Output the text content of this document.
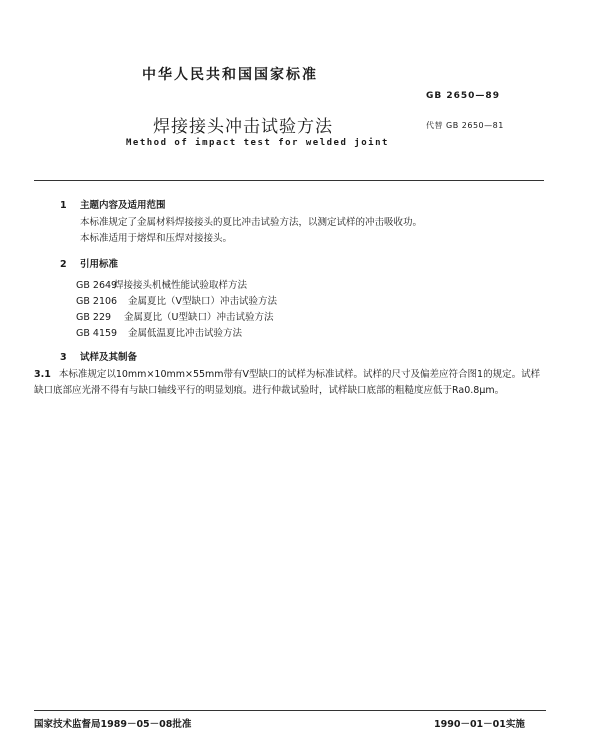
中华人民共和国国家标准
GB 2650—89
焊接接头冲击试验方法	代替 GB 2650—81
Method of impact test for welded joint
1 主题内容及适用范围
本标准规定了金属材料焊接接头的夏比冲击试验方法，以测定试样的冲击吸收功。
本标准适用于熔焊和压焊对接接头。
2 引用标准
GB 2649焊接接头机械性能试验取样方法
GB 2106 金属夏比（V型缺口）冲击试验方法
GB 229 金属夏比（U型缺口）冲击试验方法
GB 4159 金属低温夏比冲击试验方法
3 试样及其制备
3.1 本标准规定以10mm×10mm×55mm带有V型缺口的试样为标准试样。试样的尺寸及偏差应符合图1的规定。试样缺口底部应光滑不得有与缺口轴线平行的明显划痕。进行仲裁试验时，试样缺口底部的粗糙度应低于Ra0.8μm。
国家技术监督局1989－05－08批准	1990－01－01实施
